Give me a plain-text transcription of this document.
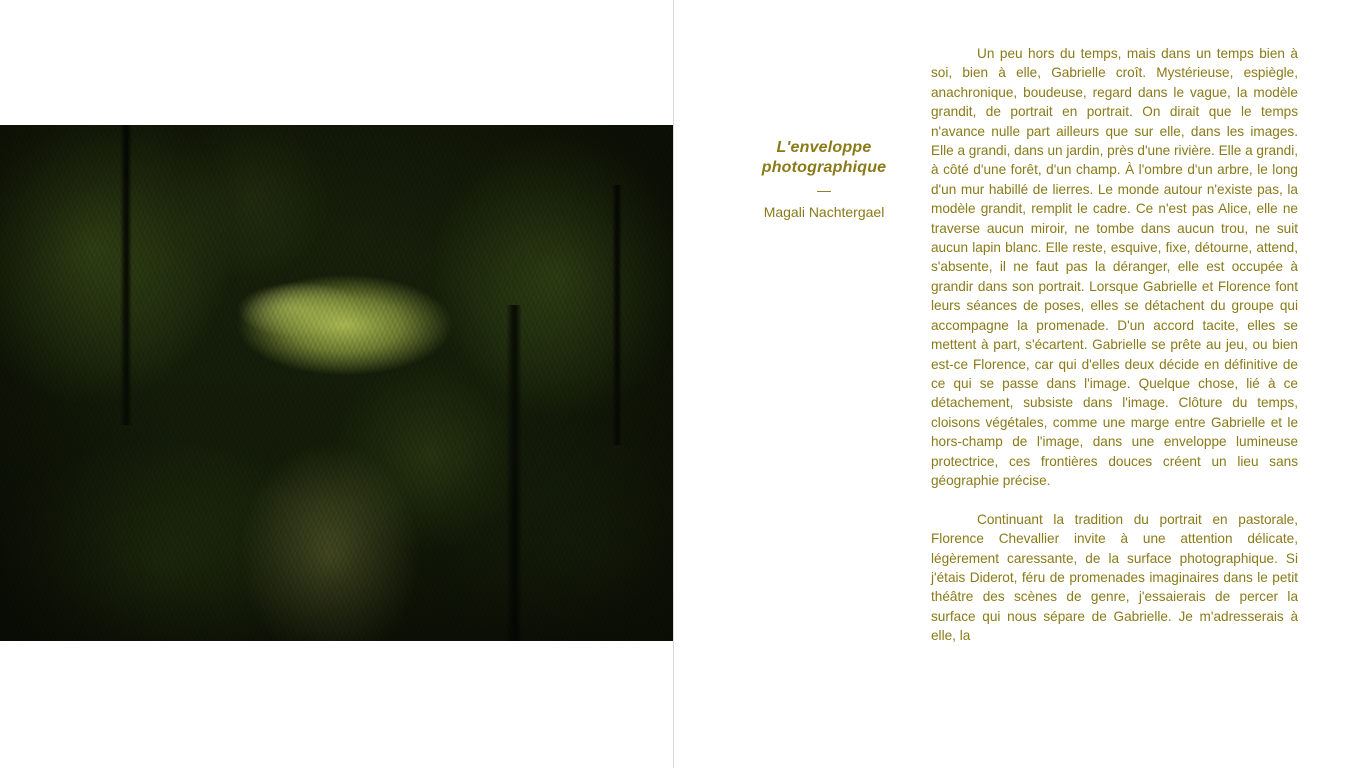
L'enveloppe photographique
—
Magali Nachtergael

Un peu hors du temps, mais dans un temps bien à soi, bien à elle, Gabrielle croît. Mystérieuse, espiègle, anachronique, boudeuse, regard dans le vague, la modèle grandit, de portrait en portrait. On dirait que le temps n'avance nulle part ailleurs que sur elle, dans les images. Elle a grandi, dans un jardin, près d'une rivière. Elle a grandi, à côté d'une forêt, d'un champ. À l'ombre d'un arbre, le long d'un mur habillé de lierres. Le monde autour n'existe pas, la modèle grandit, remplit le cadre. Ce n'est pas Alice, elle ne traverse aucun miroir, ne tombe dans aucun trou, ne suit aucun lapin blanc. Elle reste, esquive, fixe, détourne, attend, s'absente, il ne faut pas la déranger, elle est occupée à grandir dans son portrait. Lorsque Gabrielle et Florence font leurs séances de poses, elles se détachent du groupe qui accompagne la promenade. D'un accord tacite, elles se mettent à part, s'écartent. Gabrielle se prête au jeu, ou bien est-ce Florence, car qui d'elles deux décide en définitive de ce qui se passe dans l'image. Quelque chose, lié à ce détachement, subsiste dans l'image. Clôture du temps, cloisons végétales, comme une marge entre Gabrielle et le hors-champ de l'image, dans une enveloppe lumineuse protectrice, ces frontières douces créent un lieu sans géographie précise.

Continuant la tradition du portrait en pastorale, Florence Chevallier invite à une attention délicate, légèrement caressante, de la surface photographique. Si j'étais Diderot, féru de promenades imaginaires dans le petit théâtre des scènes de genre, j'essaierais de percer la surface qui nous sépare de Gabrielle. Je m'adresserais à elle, la
